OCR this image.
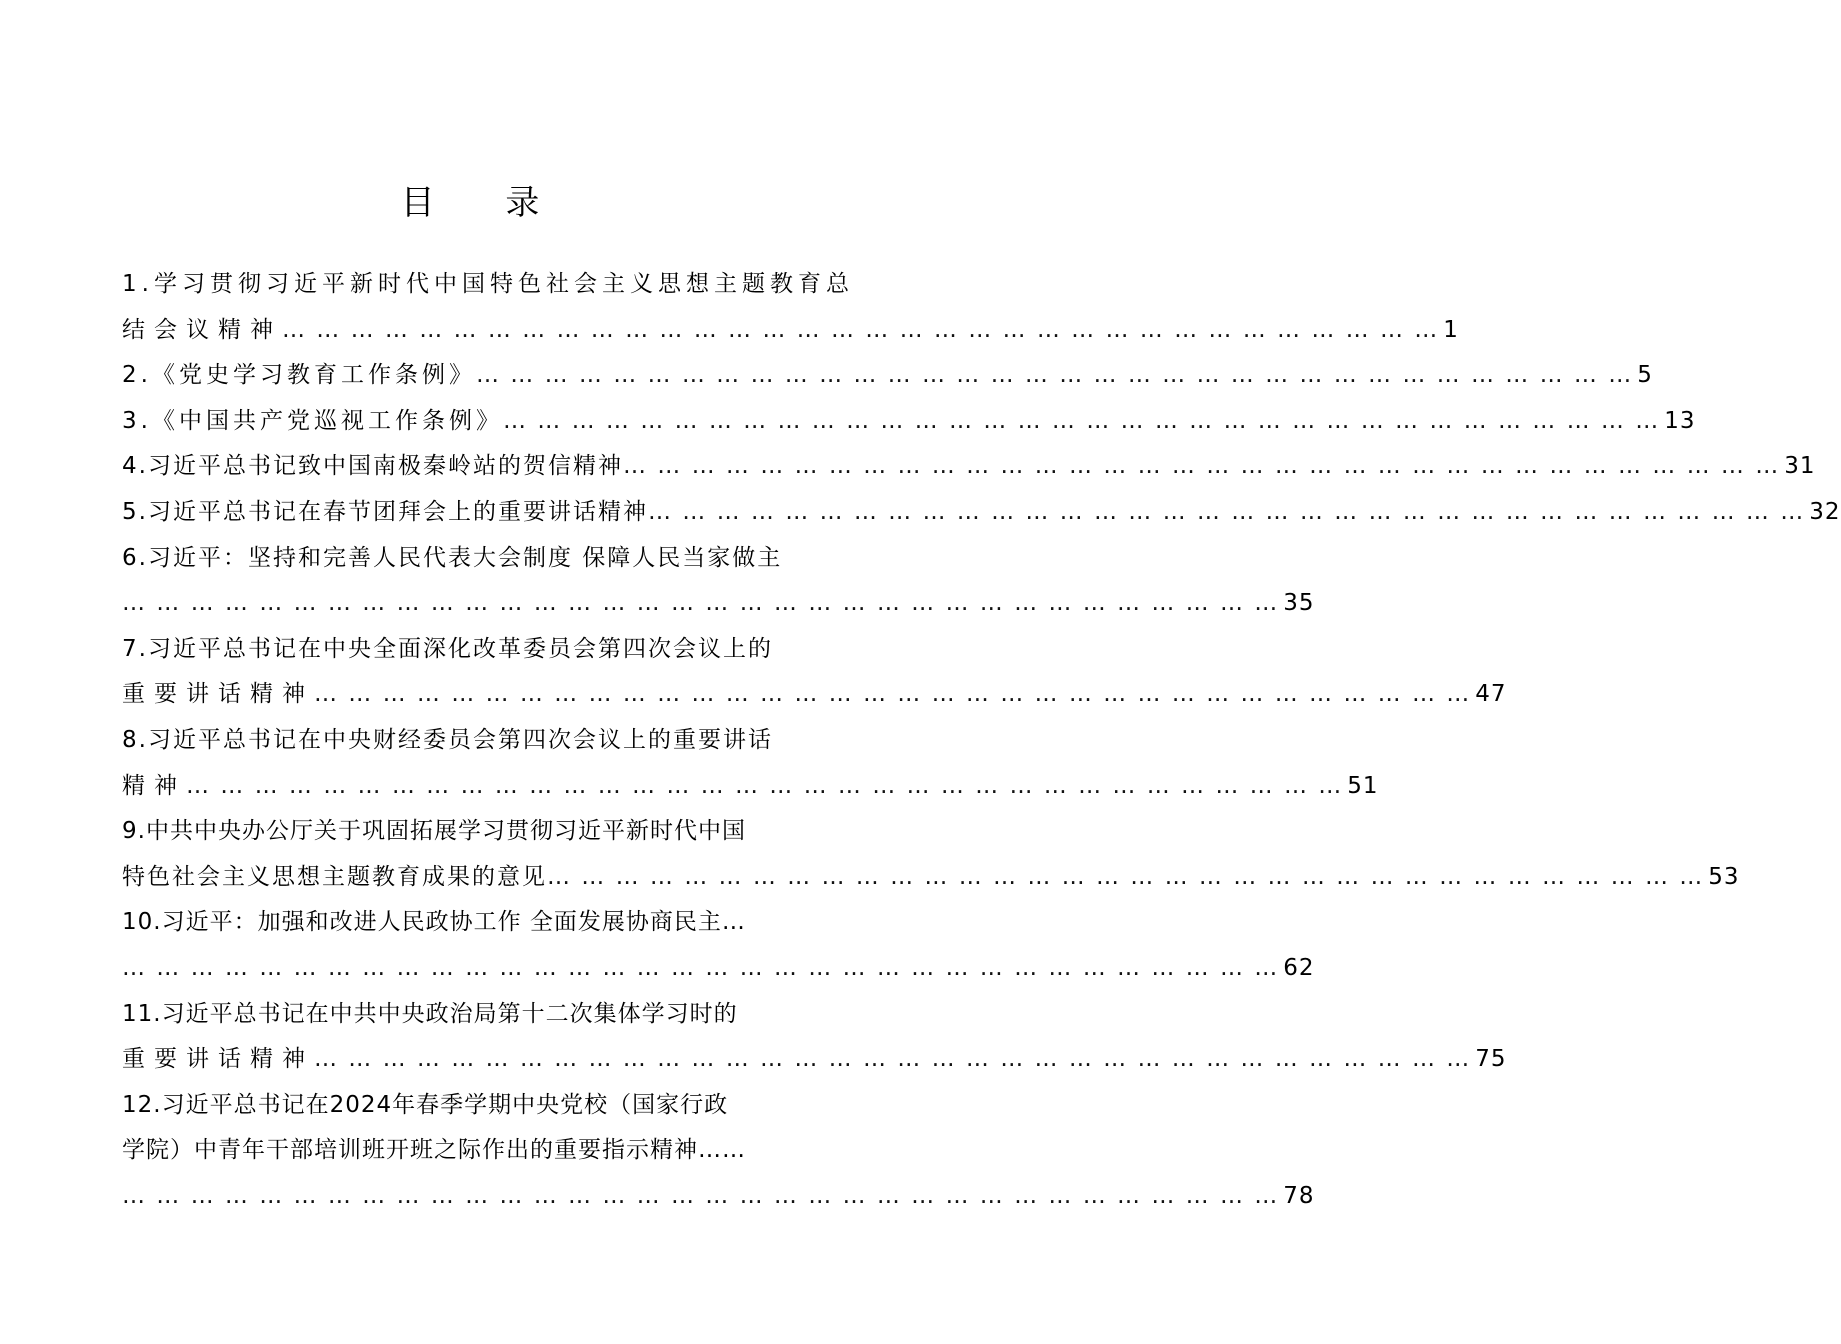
目 录
1.学习贯彻习近平新时代中国特色社会主义思想主题教育总
结会议精神 … … … … … … … … … … … … … … … … … … … … … … … … … … … … … … … … … … 1
2.《党史学习教育工作条例》 … … … … … … … … … … … … … … … … … … … … … … … … … … … … … … … … … … 5
3.《中国共产党巡视工作条例》 … … … … … … … … … … … … … … … … … … … … … … … … … … … … … … … … … … 13
4.习近平总书记致中国南极秦岭站的贺信精神 … … … … … … … … … … … … … … … … … … … … … … … … … … … … … … … … … … 31
5.习近平总书记在春节团拜会上的重要讲话精神 … … … … … … … … … … … … … … … … … … … … … … … … … … … … … … … … … … 32
6.习近平：坚持和完善人民代表大会制度 保障人民当家做主
… … … … … … … … … … … … … … … … … … … … … … … … … … … … … … … … … … 35
7.习近平总书记在中央全面深化改革委员会第四次会议上的
重要讲话精神 … … … … … … … … … … … … … … … … … … … … … … … … … … … … … … … … … … 47
8.习近平总书记在中央财经委员会第四次会议上的重要讲话
精神 … … … … … … … … … … … … … … … … … … … … … … … … … … … … … … … … … … 51
9.中共中央办公厅关于巩固拓展学习贯彻习近平新时代中国
特色社会主义思想主题教育成果的意见 … … … … … … … … … … … … … … … … … … … … … … … … … … … … … … … … … … 53
10.习近平：加强和改进人民政协工作 全面发展协商民主…
… … … … … … … … … … … … … … … … … … … … … … … … … … … … … … … … … … 62
11.习近平总书记在中共中央政治局第十二次集体学习时的
重要讲话精神 … … … … … … … … … … … … … … … … … … … … … … … … … … … … … … … … … … 75
12.习近平总书记在2024年春季学期中央党校（国家行政
学院）中青年干部培训班开班之际作出的重要指示精神……
… … … … … … … … … … … … … … … … … … … … … … … … … … … … … … … … … … 78
